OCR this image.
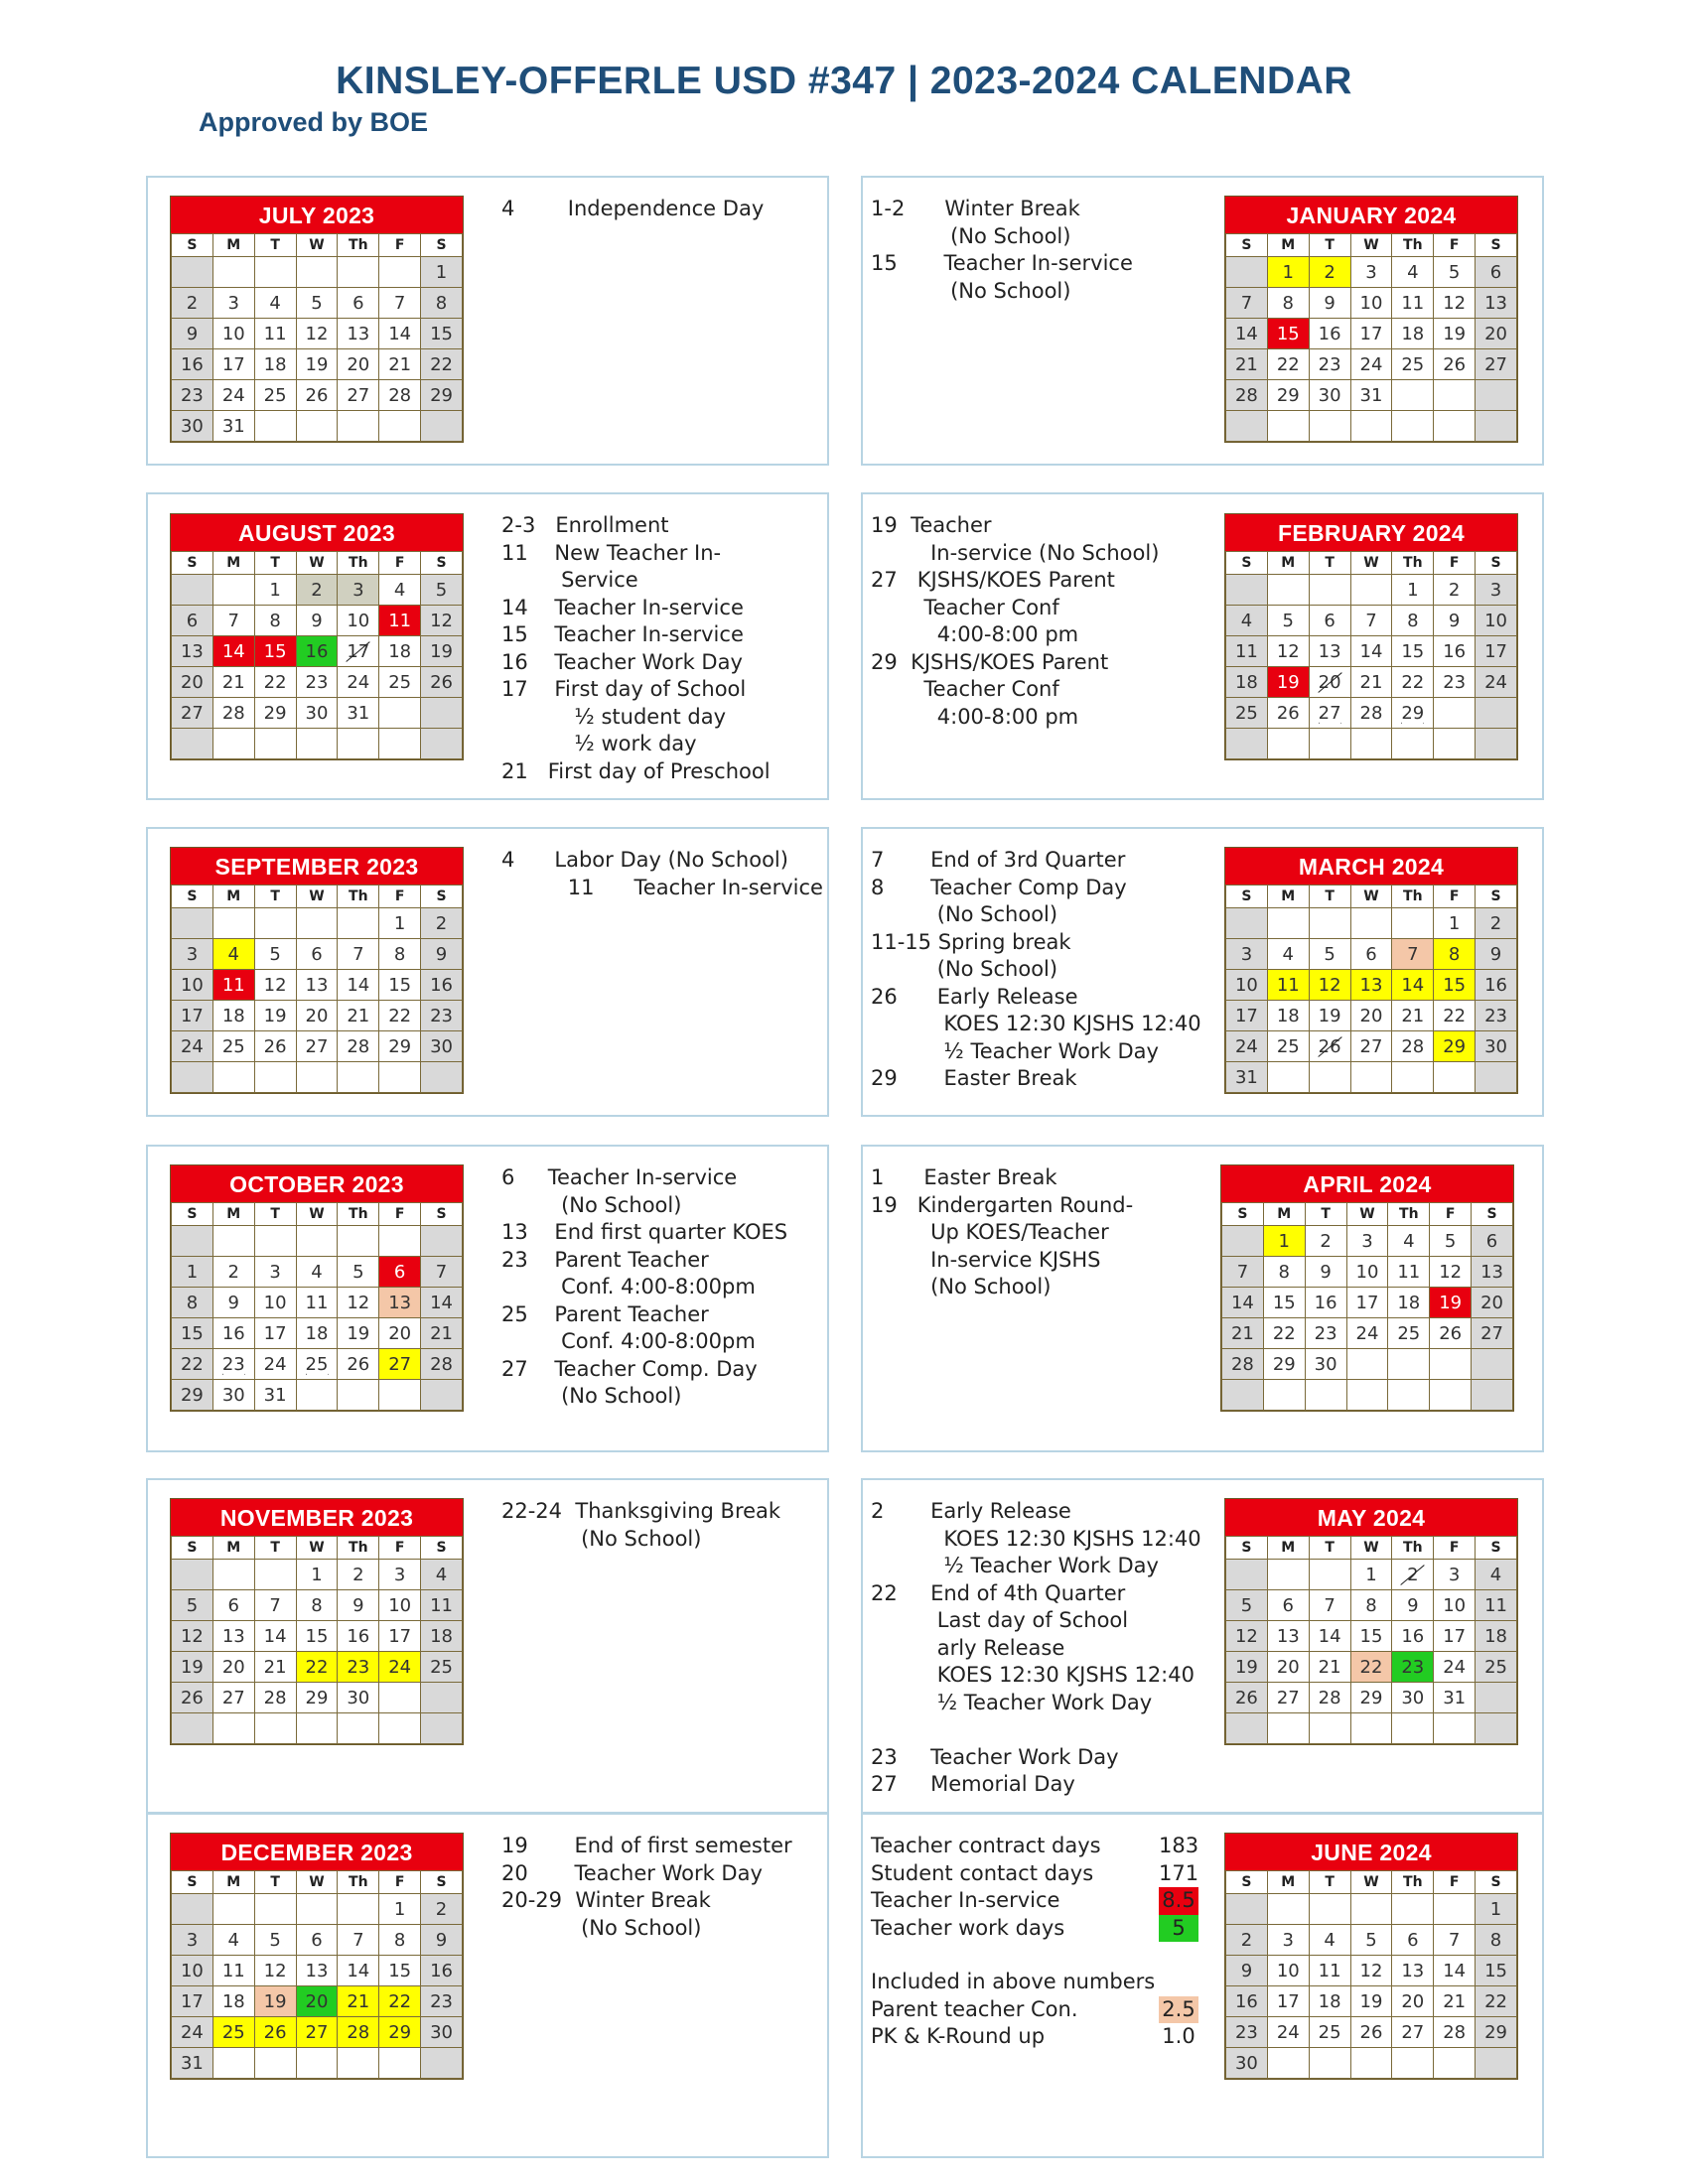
KINSLEY-OFFERLE USD #347 | 2023-2024 CALENDAR
Approved by BOE
JULY 2023
S	M	T	W	Th	F	S
						1
2	3	4	5	6	7	8
9	10	11	12	13	14	15
16	17	18	19	20	21	22
23	24	25	26	27	28	29
30	31					
AUGUST 2023
S	M	T	W	Th	F	S
		1	2	3	4	5
6	7	8	9	10	11	12
13	14	15	16	17	18	19
20	21	22	23	24	25	26
27	28	29	30	31		

SEPTEMBER 2023
S	M	T	W	Th	F	S
					1	2
3	4	5	6	7	8	9
10	11	12	13	14	15	16
17	18	19	20	21	22	23
24	25	26	27	28	29	30

OCTOBER 2023
S	M	T	W	Th	F	S

1	2	3	4	5	6	7
8	9	10	11	12	13	14
15	16	17	18	19	20	21
22	23	24	25	26	27	28
29	30	31				
NOVEMBER 2023
S	M	T	W	Th	F	S
			1	2	3	4
5	6	7	8	9	10	11
12	13	14	15	16	17	18
19	20	21	22	23	24	25
26	27	28	29	30		

DECEMBER 2023
S	M	T	W	Th	F	S
					1	2
3	4	5	6	7	8	9
10	11	12	13	14	15	16
17	18	19	20	21	22	23
24	25	26	27	28	29	30
31						
JANUARY 2024
S	M	T	W	Th	F	S
	1	2	3	4	5	6
7	8	9	10	11	12	13
14	15	16	17	18	19	20
21	22	23	24	25	26	27
28	29	30	31			

FEBRUARY 2024
S	M	T	W	Th	F	S
				1	2	3
4	5	6	7	8	9	10
11	12	13	14	15	16	17
18	19	20	21	22	23	24
25	26	27	28	29		

MARCH 2024
S	M	T	W	Th	F	S
					1	2
3	4	5	6	7	8	9
10	11	12	13	14	15	16
17	18	19	20	21	22	23
24	25	26	27	28	29	30
31						
APRIL 2024
S	M	T	W	Th	F	S
	1	2	3	4	5	6
7	8	9	10	11	12	13
14	15	16	17	18	19	20
21	22	23	24	25	26	27
28	29	30				

MAY 2024
S	M	T	W	Th	F	S
			1	2	3	4
5	6	7	8	9	10	11
12	13	14	15	16	17	18
19	20	21	22	23	24	25
26	27	28	29	30	31	

JUNE 2024
S	M	T	W	Th	F	S
						1
2	3	4	5	6	7	8
9	10	11	12	13	14	15
16	17	18	19	20	21	22
23	24	25	26	27	28	29
30						
4        Independence Day
2-3   Enrollment
11    New Teacher In-
Service
14    Teacher In-service
15    Teacher In-service
16    Teacher Work Day
17    First day of School
½ student day
½ work day
21   First day of Preschool
4      Labor Day (No School)
11      Teacher In-service
6     Teacher In-service
(No School)
13    End first quarter KOES
23    Parent Teacher
Conf. 4:00-8:00pm
25    Parent Teacher
Conf. 4:00-8:00pm
27    Teacher Comp. Day
(No School)
22-24  Thanksgiving Break
(No School)
19       End of first semester
20       Teacher Work Day
20-29  Winter Break
(No School)
1-2      Winter Break
(No School)
15       Teacher In-service
(No School)
19  Teacher
In-service (No School)
27   KJSHS/KOES Parent
Teacher Conf
4:00-8:00 pm
29  KJSHS/KOES Parent
Teacher Conf
4:00-8:00 pm
7       End of 3rd Quarter
8       Teacher Comp Day
(No School)
11-15 Spring break
(No School)
26      Early Release
KOES 12:30 KJSHS 12:40
½ Teacher Work Day
29       Easter Break
1      Easter Break
19   Kindergarten Round-
Up KOES/Teacher
In-service KJSHS
(No School)
2       Early Release
KOES 12:30 KJSHS 12:40
½ Teacher Work Day
22     End of 4th Quarter
Last day of School
arly Release
KOES 12:30 KJSHS 12:40
½ Teacher Work Day

23     Teacher Work Day
27     Memorial Day
Teacher contract days	183
Student contact days	171
Teacher In-service	8.5
Teacher work days	5
Included in above numbers
Parent teacher Con.	2.5
PK & K-Round up	1.0
